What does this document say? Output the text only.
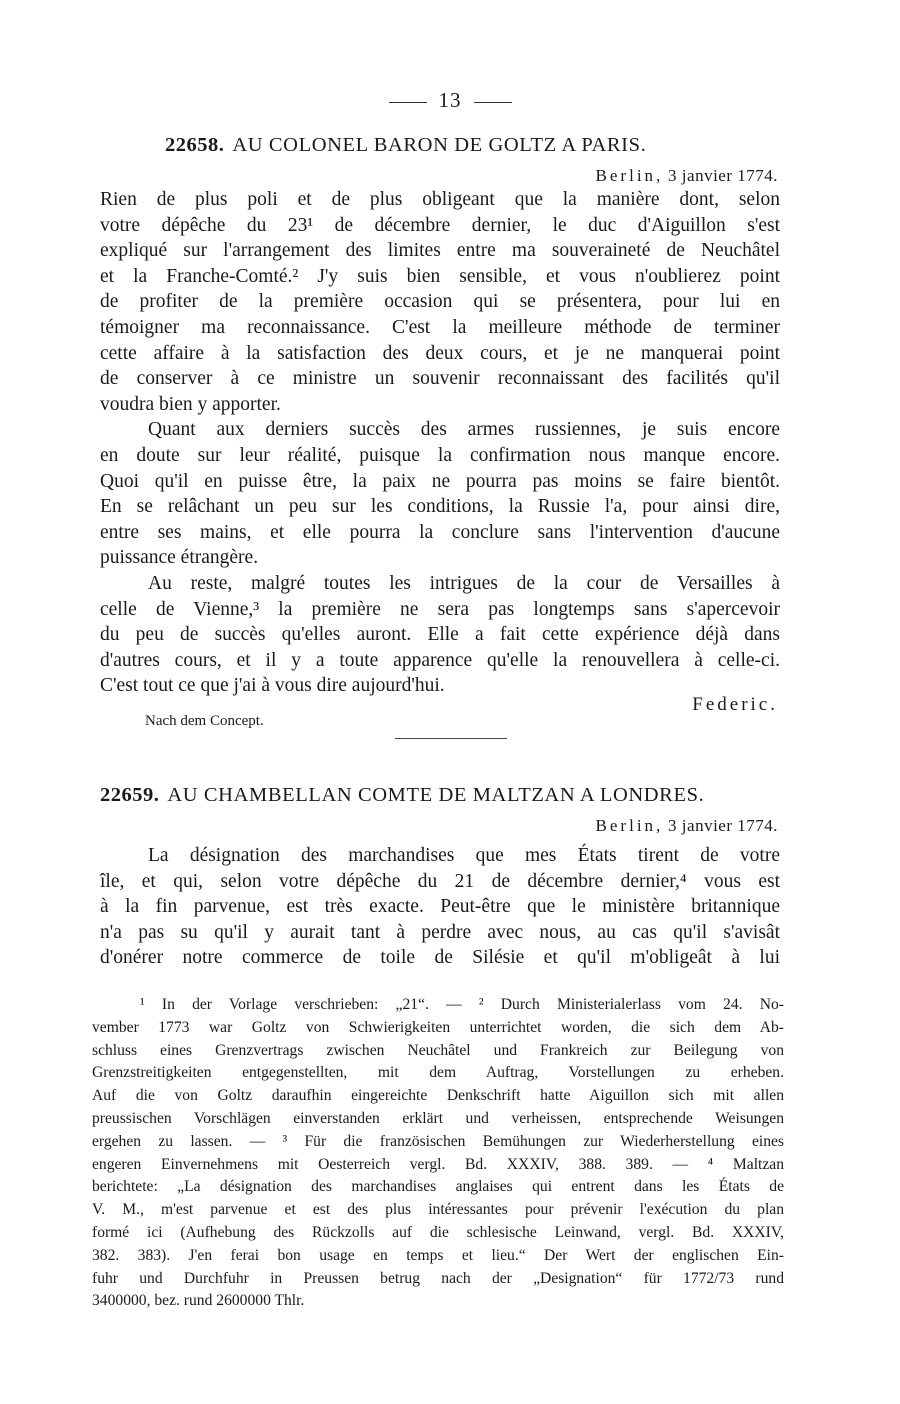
13
22658. AU COLONEL BARON DE GOLTZ A PARIS.
Berlin, 3 janvier 1774.
Rien de plus poli et de plus obligeant que la manière dont, selon
votre dépêche du 23¹ de décembre dernier, le duc d'Aiguillon s'est
expliqué sur l'arrangement des limites entre ma souveraineté de Neuchâtel
et la Franche-Comté.² J'y suis bien sensible, et vous n'oublierez point
de profiter de la première occasion qui se présentera, pour lui en
témoigner ma reconnaissance. C'est la meilleure méthode de terminer
cette affaire à la satisfaction des deux cours, et je ne manquerai point
de conserver à ce ministre un souvenir reconnaissant des facilités qu'il
voudra bien y apporter.
Quant aux derniers succès des armes russiennes, je suis encore
en doute sur leur réalité, puisque la confirmation nous manque encore.
Quoi qu'il en puisse être, la paix ne pourra pas moins se faire bientôt.
En se relâchant un peu sur les conditions, la Russie l'a, pour ainsi dire,
entre ses mains, et elle pourra la conclure sans l'intervention d'aucune
puissance étrangère.
Au reste, malgré toutes les intrigues de la cour de Versailles à
celle de Vienne,³ la première ne sera pas longtemps sans s'apercevoir
du peu de succès qu'elles auront. Elle a fait cette expérience déjà dans
d'autres cours, et il y a toute apparence qu'elle la renouvellera à celle-ci.
C'est tout ce que j'ai à vous dire aujourd'hui.
Federic.
Nach dem Concept.
22659. AU CHAMBELLAN COMTE DE MALTZAN A LONDRES.
Berlin, 3 janvier 1774.
La désignation des marchandises que mes États tirent de votre
île, et qui, selon votre dépêche du 21 de décembre dernier,⁴ vous est
à la fin parvenue, est très exacte. Peut-être que le ministère britannique
n'a pas su qu'il y aurait tant à perdre avec nous, au cas qu'il s'avisât
d'onérer notre commerce de toile de Silésie et qu'il m'obligeât à lui
¹ In der Vorlage verschrieben: „21“. — ² Durch Ministerialerlass vom 24. No-
vember 1773 war Goltz von Schwierigkeiten unterrichtet worden, die sich dem Ab-
schluss eines Grenzvertrags zwischen Neuchâtel und Frankreich zur Beilegung von
Grenzstreitigkeiten entgegenstellten, mit dem Auftrag, Vorstellungen zu erheben.
Auf die von Goltz daraufhin eingereichte Denkschrift hatte Aiguillon sich mit allen
preussischen Vorschlägen einverstanden erklärt und verheissen, entsprechende Weisungen
ergehen zu lassen. — ³ Für die französischen Bemühungen zur Wiederherstellung eines
engeren Einvernehmens mit Oesterreich vergl. Bd. XXXIV, 388. 389. — ⁴ Maltzan
berichtete: „La désignation des marchandises anglaises qui entrent dans les États de
V. M., m'est parvenue et est des plus intéressantes pour prévenir l'exécution du plan
formé ici (Aufhebung des Rückzolls auf die schlesische Leinwand, vergl. Bd. XXXIV,
382. 383). J'en ferai bon usage en temps et lieu.“ Der Wert der englischen Ein-
fuhr und Durchfuhr in Preussen betrug nach der „Designation“ für 1772/73 rund
3400000, bez. rund 2600000 Thlr.
